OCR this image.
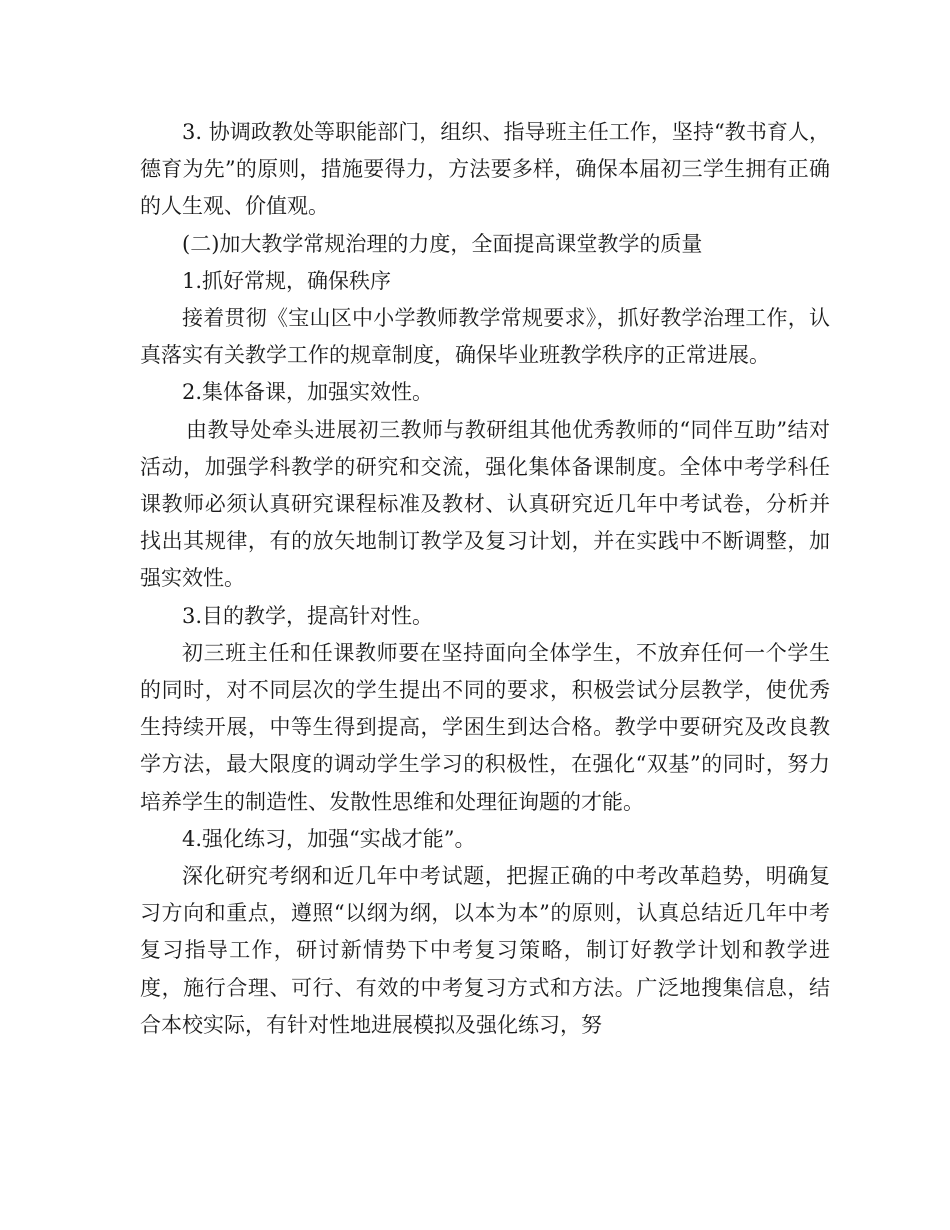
3. 协调政教处等职能部门，组织、指导班主任工作，坚持“教书育人，德育为先”的原则，措施要得力，方法要多样，确保本届初三学生拥有正确的人生观、价值观。

(二)加大教学常规治理的力度，全面提高课堂教学的质量

1.抓好常规，确保秩序

接着贯彻《宝山区中小学教师教学常规要求》，抓好教学治理工作，认真落实有关教学工作的规章制度，确保毕业班教学秩序的正常进展。

2.集体备课，加强实效性。

由教导处牵头进展初三教师与教研组其他优秀教师的“同伴互助”结对活动，加强学科教学的研究和交流，强化集体备课制度。全体中考学科任课教师必须认真研究课程标准及教材、认真研究近几年中考试卷，分析并找出其规律，有的放矢地制订教学及复习计划，并在实践中不断调整，加强实效性。

3.目的教学，提高针对性。

初三班主任和任课教师要在坚持面向全体学生，不放弃任何一个学生的同时，对不同层次的学生提出不同的要求，积极尝试分层教学，使优秀生持续开展，中等生得到提高，学困生到达合格。教学中要研究及改良教学方法，最大限度的调动学生学习的积极性，在强化“双基”的同时，努力培养学生的制造性、发散性思维和处理征询题的才能。

4.强化练习，加强“实战才能”。

深化研究考纲和近几年中考试题，把握正确的中考改革趋势，明确复习方向和重点，遵照“以纲为纲，以本为本”的原则，认真总结近几年中考复习指导工作，研讨新情势下中考复习策略，制订好教学计划和教学进度，施行合理、可行、有效的中考复习方式和方法。广泛地搜集信息，结合本校实际，有针对性地进展模拟及强化练习，努
